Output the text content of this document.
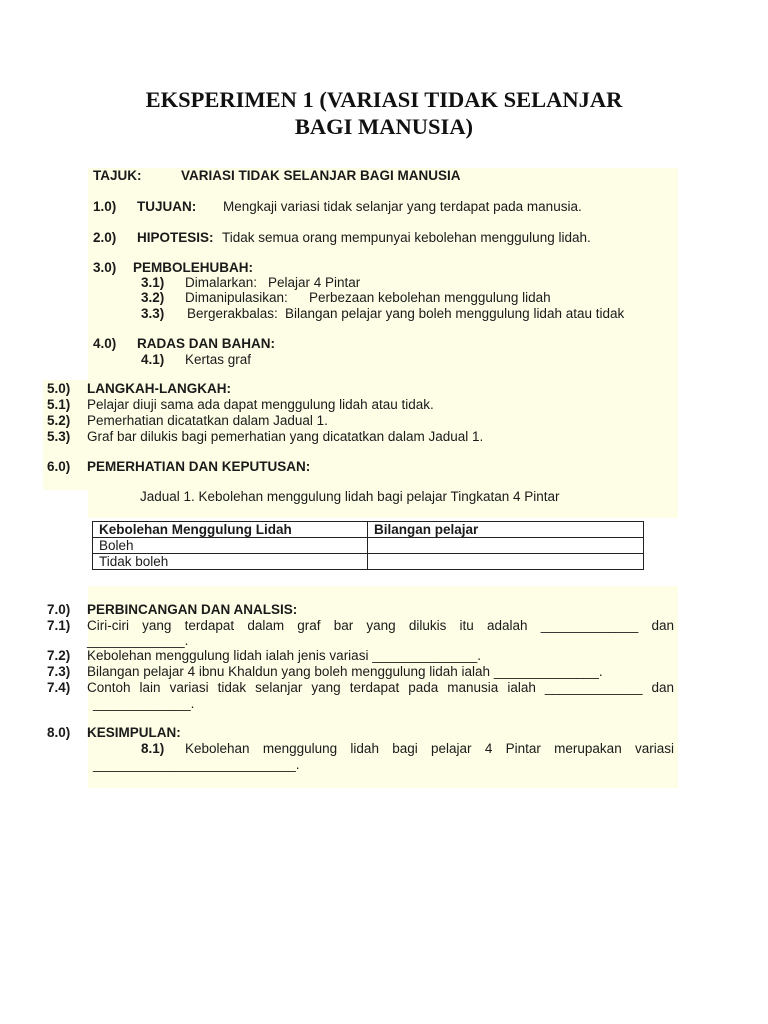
EKSPERIMEN 1 (VARIASI TIDAK SELANJAR
BAGI MANUSIA)
TAJUK:	VARIASI TIDAK SELANJAR BAGI MANUSIA
1.0) TUJUAN: Mengkaji variasi tidak selanjar yang terdapat pada manusia.
2.0) HIPOTESIS: Tidak semua orang mempunyai kebolehan menggulung lidah.
3.0) PEMBOLEHUBAH:
3.1) Dimalarkan: Pelajar 4 Pintar
3.2) Dimanipulasikan: Perbezaan kebolehan menggulung lidah
3.3) Bergerakbalas: Bilangan pelajar yang boleh menggulung lidah atau tidak
4.0) RADAS DAN BAHAN:
4.1) Kertas graf
5.0) LANGKAH-LANGKAH:
5.1) Pelajar diuji sama ada dapat menggulung lidah atau tidak.
5.2) Pemerhatian dicatatkan dalam Jadual 1.
5.3) Graf bar dilukis bagi pemerhatian yang dicatatkan dalam Jadual 1.
6.0) PEMERHATIAN DAN KEPUTUSAN:
Jadual 1. Kebolehan menggulung lidah bagi pelajar Tingkatan 4 Pintar
Kebolehan Menggulung Lidah	Bilangan pelajar
Boleh	
Tidak boleh	
7.0) PERBINCANGAN DAN ANALSIS:
7.1) Ciri-ciri yang terdapat dalam graf bar yang dilukis itu adalah _____________ dan
_____________.
7.2) Kebolehan menggulung lidah ialah jenis variasi ______________.
7.3) Bilangan pelajar 4 ibnu Khaldun yang boleh menggulung lidah ialah ______________.
7.4) Contoh lain variasi tidak selanjar yang terdapat pada manusia ialah _____________ dan
_____________.
8.0) KESIMPULAN:
8.1) Kebolehan menggulung lidah bagi pelajar 4 Pintar merupakan variasi
___________________________.
